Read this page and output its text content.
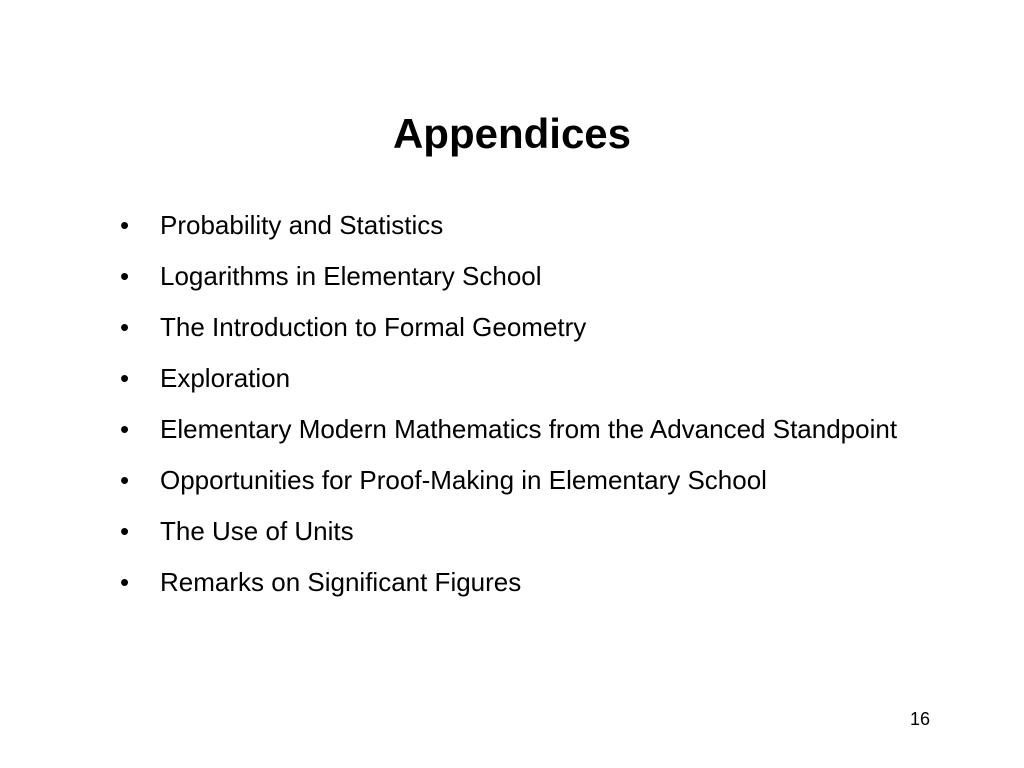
Appendices
•	Probability and Statistics
•	Logarithms in Elementary School
•	The Introduction to Formal Geometry
•	Exploration
•	Elementary Modern Mathematics from the Advanced Standpoint
•	Opportunities for Proof-Making in Elementary School
•	The Use of Units
•	Remarks on Significant Figures
16
